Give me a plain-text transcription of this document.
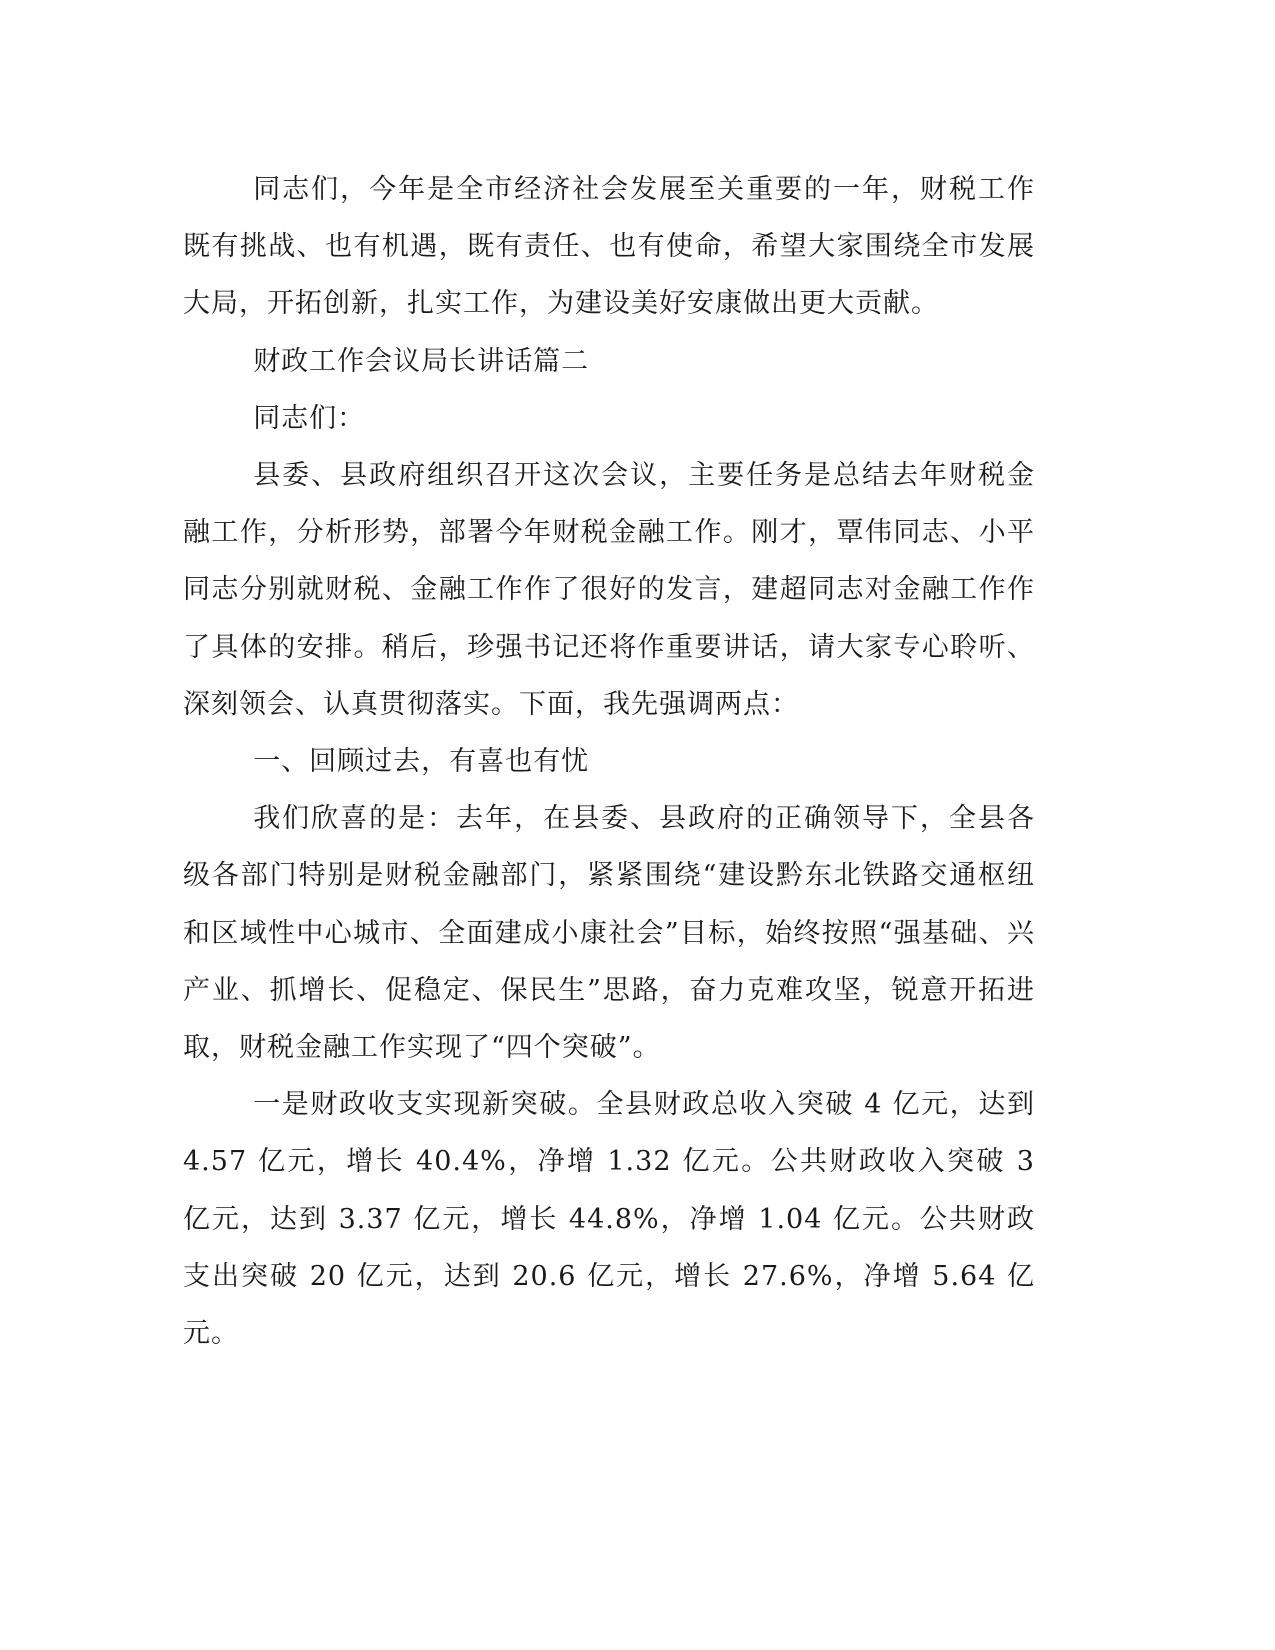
同志们，今年是全市经济社会发展至关重要的一年，财税工作既有挑战、也有机遇，既有责任、也有使命，希望大家围绕全市发展大局，开拓创新，扎实工作，为建设美好安康做出更大贡献。

财政工作会议局长讲话篇二

同志们：

县委、县政府组织召开这次会议，主要任务是总结去年财税金融工作，分析形势，部署今年财税金融工作。刚才，覃伟同志、小平同志分别就财税、金融工作作了很好的发言，建超同志对金融工作作了具体的安排。稍后，珍强书记还将作重要讲话，请大家专心聆听、深刻领会、认真贯彻落实。下面，我先强调两点：

一、回顾过去，有喜也有忧

我们欣喜的是：去年，在县委、县政府的正确领导下，全县各级各部门特别是财税金融部门，紧紧围绕“建设黔东北铁路交通枢纽和区域性中心城市、全面建成小康社会”目标，始终按照“强基础、兴产业、抓增长、促稳定、保民生”思路，奋力克难攻坚，锐意开拓进取，财税金融工作实现了“四个突破”。

一是财政收支实现新突破。全县财政总收入突破 4 亿元，达到 4.57 亿元，增长 40.4%，净增 1.32 亿元。公共财政收入突破 3 亿元，达到 3.37 亿元，增长 44.8%，净增 1.04 亿元。公共财政支出突破 20 亿元，达到 20.6 亿元，增长 27.6%，净增 5.64 亿元。
